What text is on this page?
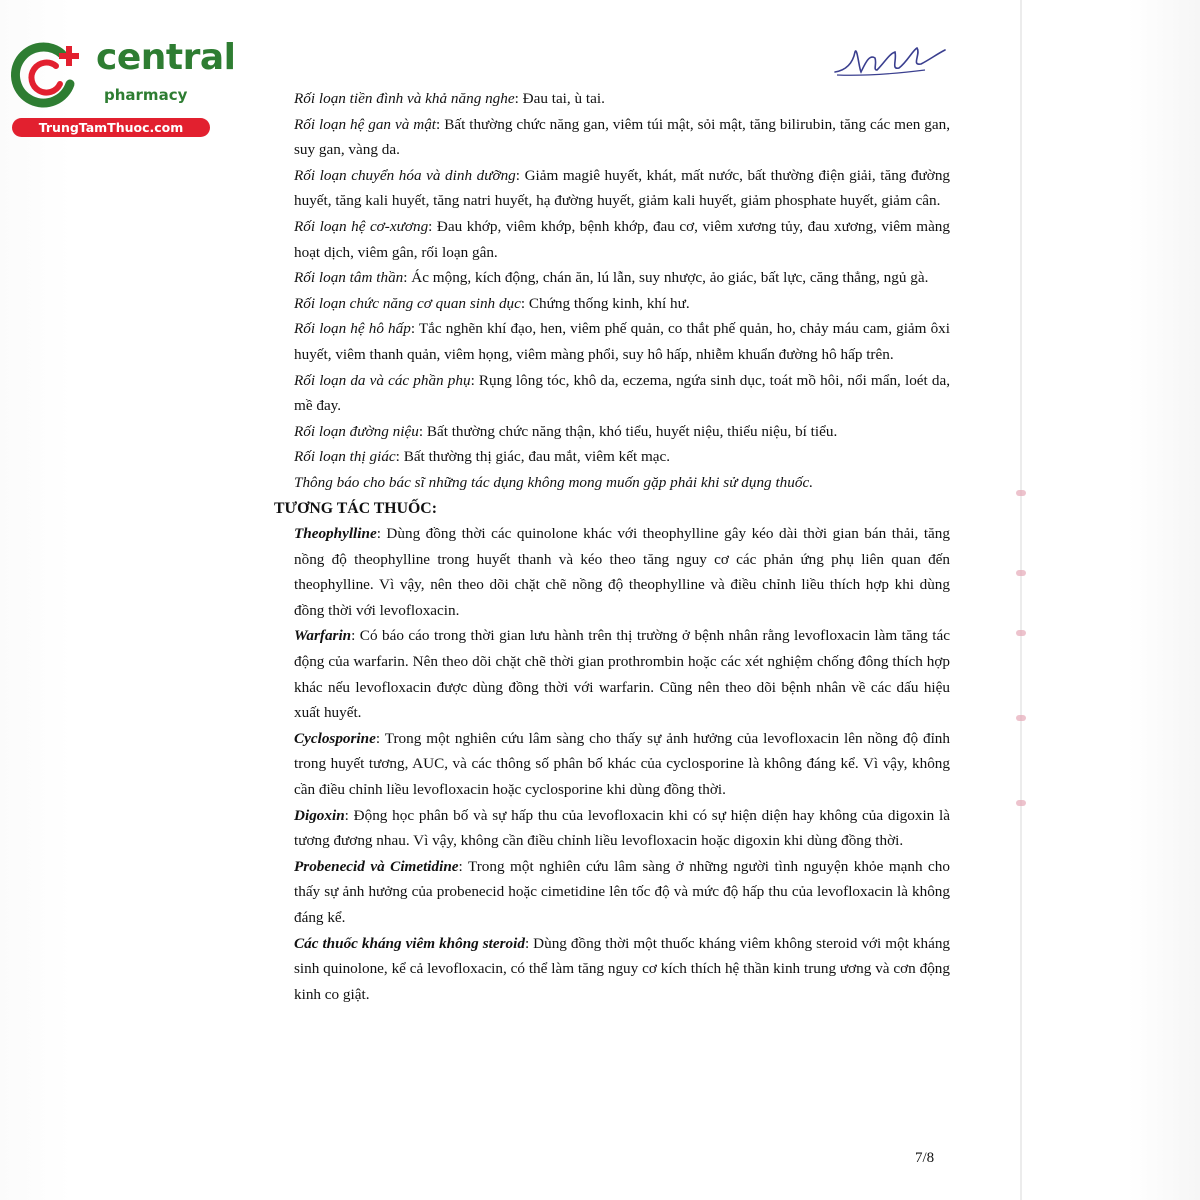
central
pharmacy
TrungTamThuoc.com
Rối loạn tiền đình và khả năng nghe: Đau tai, ù tai.
Rối loạn hệ gan và mật: Bất thường chức năng gan, viêm túi mật, sỏi mật, tăng bilirubin, tăng các men gan, suy gan, vàng da.
Rối loạn chuyển hóa và dinh dưỡng: Giảm magiê huyết, khát, mất nước, bất thường điện giải, tăng đường huyết, tăng kali huyết, tăng natri huyết, hạ đường huyết, giảm kali huyết, giảm phosphate huyết, giảm cân.
Rối loạn hệ cơ-xương: Đau khớp, viêm khớp, bệnh khớp, đau cơ, viêm xương tủy, đau xương, viêm màng hoạt dịch, viêm gân, rối loạn gân.
Rối loạn tâm thần: Ác mộng, kích động, chán ăn, lú lẫn, suy nhược, ảo giác, bất lực, căng thẳng, ngủ gà.
Rối loạn chức năng cơ quan sinh dục: Chứng thống kinh, khí hư.
Rối loạn hệ hô hấp: Tắc nghẽn khí đạo, hen, viêm phế quản, co thắt phế quản, ho, chảy máu cam, giảm ôxi huyết, viêm thanh quản, viêm họng, viêm màng phổi, suy hô hấp, nhiễm khuẩn đường hô hấp trên.
Rối loạn da và các phần phụ: Rụng lông tóc, khô da, eczema, ngứa sinh dục, toát mồ hôi, nổi mẩn, loét da, mề đay.
Rối loạn đường niệu: Bất thường chức năng thận, khó tiểu, huyết niệu, thiểu niệu, bí tiểu.
Rối loạn thị giác: Bất thường thị giác, đau mắt, viêm kết mạc.
Thông báo cho bác sĩ những tác dụng không mong muốn gặp phải khi sử dụng thuốc.
TƯƠNG TÁC THUỐC:
Theophylline: Dùng đồng thời các quinolone khác với theophylline gây kéo dài thời gian bán thải, tăng nồng độ theophylline trong huyết thanh và kéo theo tăng nguy cơ các phản ứng phụ liên quan đến theophylline. Vì vậy, nên theo dõi chặt chẽ nồng độ theophylline và điều chỉnh liều thích hợp khi dùng đồng thời với levofloxacin.
Warfarin: Có báo cáo trong thời gian lưu hành trên thị trường ở bệnh nhân rằng levofloxacin làm tăng tác động của warfarin. Nên theo dõi chặt chẽ thời gian prothrombin hoặc các xét nghiệm chống đông thích hợp khác nếu levofloxacin được dùng đồng thời với warfarin. Cũng nên theo dõi bệnh nhân về các dấu hiệu xuất huyết.
Cyclosporine: Trong một nghiên cứu lâm sàng cho thấy sự ảnh hưởng của levofloxacin lên nồng độ đỉnh trong huyết tương, AUC, và các thông số phân bố khác của cyclosporine là không đáng kể. Vì vậy, không cần điều chỉnh liều levofloxacin hoặc cyclosporine khi dùng đồng thời.
Digoxin: Động học phân bố và sự hấp thu của levofloxacin khi có sự hiện diện hay không của digoxin là tương đương nhau. Vì vậy, không cần điều chỉnh liều levofloxacin hoặc digoxin khi dùng đồng thời.
Probenecid và Cimetidine: Trong một nghiên cứu lâm sàng ở những người tình nguyện khỏe mạnh cho thấy sự ảnh hưởng của probenecid hoặc cimetidine lên tốc độ và mức độ hấp thu của levofloxacin là không đáng kể.
Các thuốc kháng viêm không steroid: Dùng đồng thời một thuốc kháng viêm không steroid với một kháng sinh quinolone, kể cả levofloxacin, có thể làm tăng nguy cơ kích thích hệ thần kinh trung ương và cơn động kinh co giật.
7/8
